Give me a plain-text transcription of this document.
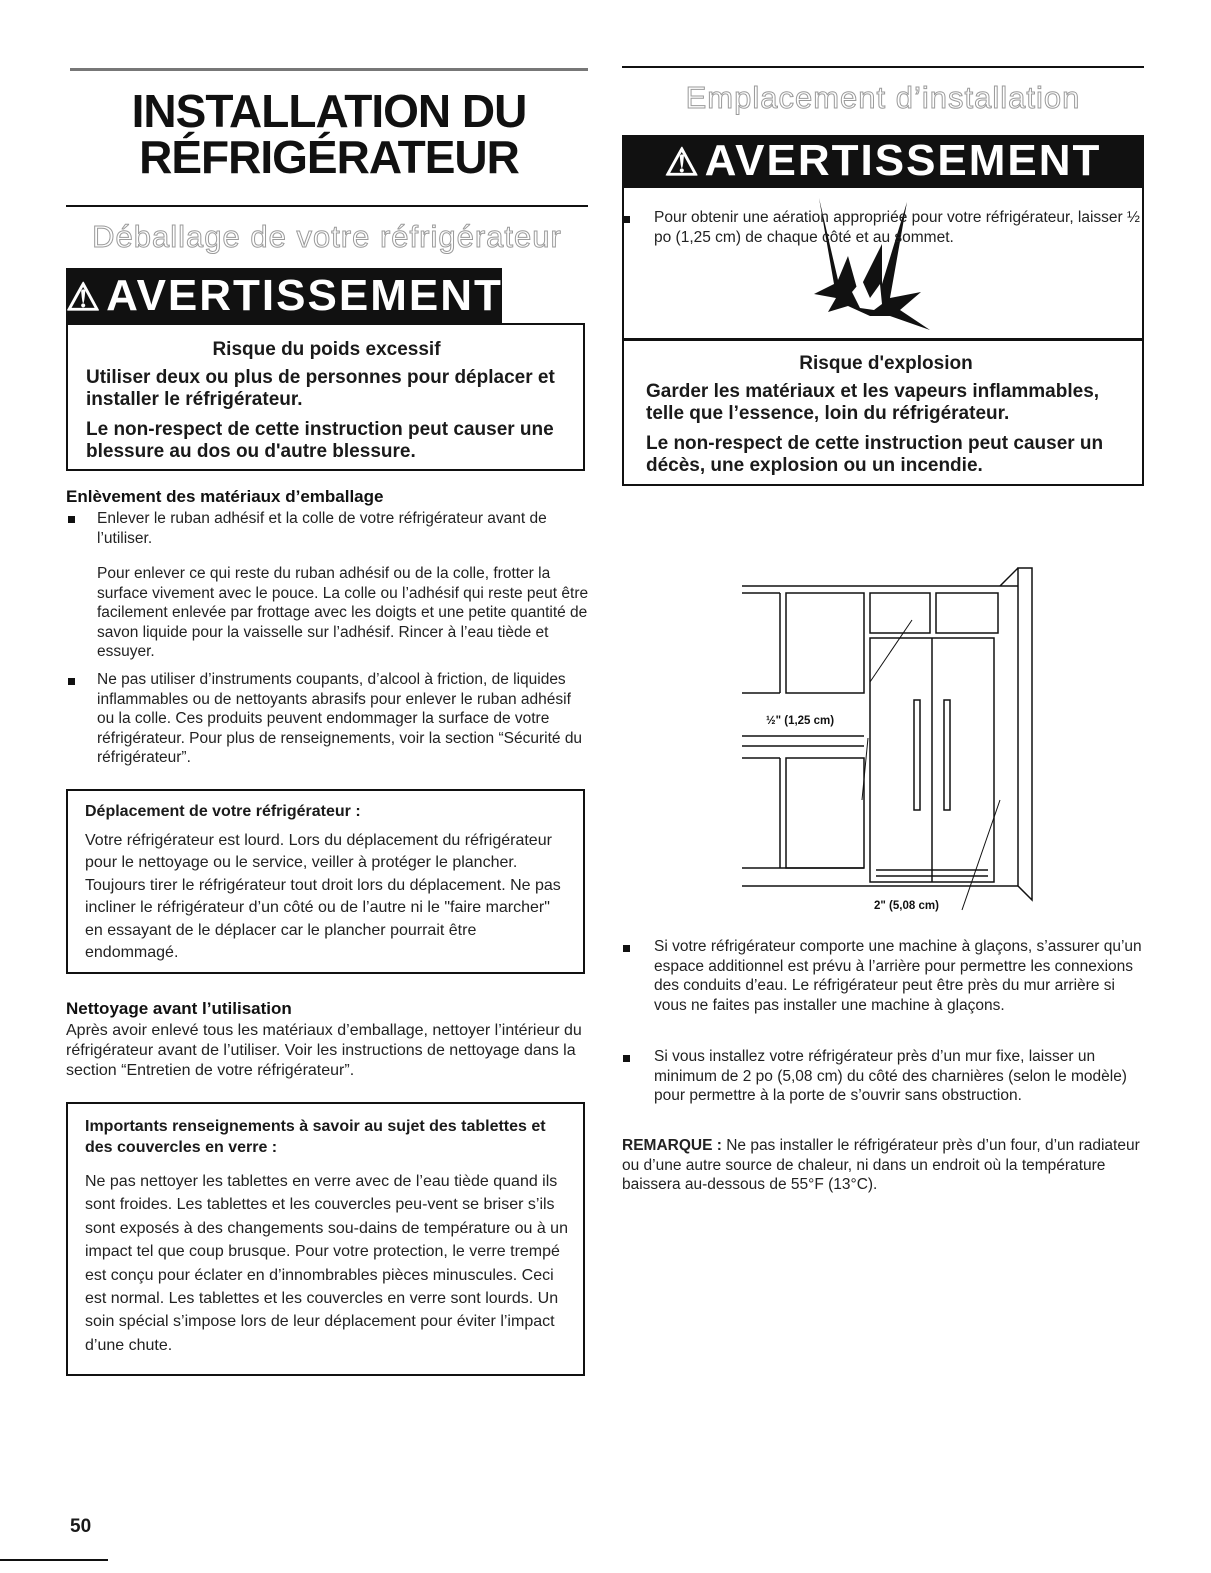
INSTALLATION DU
RÉFRIGÉRATEUR
Déballage de votre réfrigérateur
⚠AVERTISSEMENT
Risque du poids excessif
Utiliser deux ou plus de personnes pour déplacer et installer le réfrigérateur.
Le non-respect de cette instruction peut causer une blessure au dos ou d'autre blessure.
Enlèvement des matériaux d’emballage
Enlever le ruban adhésif et la colle de votre réfrigérateur avant de l’utiliser.
Pour enlever ce qui reste du ruban adhésif ou de la colle, frotter la surface vivement avec le pouce. La colle ou l’adhésif qui reste peut être facilement enlevée par frottage avec les doigts et une petite quantité de savon liquide pour la vaisselle sur l’adhésif. Rincer à l’eau tiède et essuyer.
Ne pas utiliser d’instruments coupants, d’alcool à friction, de liquides inflammables ou de nettoyants abrasifs pour enlever le ruban adhésif ou la colle. Ces produits peuvent endommager la surface de votre réfrigérateur. Pour plus de renseignements, voir la section “Sécurité du réfrigérateur”.
Déplacement de votre réfrigérateur :
Votre réfrigérateur est lourd. Lors du déplacement du réfrigérateur pour le nettoyage ou le service, veiller à protéger le plancher. Toujours tirer le réfrigérateur tout droit lors du déplacement. Ne pas incliner le réfrigérateur d’un côté ou de l’autre ni le "faire marcher" en essayant de le déplacer car le plancher pourrait être endommagé.
Nettoyage avant l’utilisation
Après avoir enlevé tous les matériaux d’emballage, nettoyer l’intérieur du réfrigérateur avant de l’utiliser. Voir les instructions de nettoyage dans la section “Entretien de votre réfrigérateur”.
Importants renseignements à savoir au sujet des tablettes et des couvercles en verre :
Ne pas nettoyer les tablettes en verre avec de l’eau tiède quand ils sont froides. Les tablettes et les couvercles peu-vent se briser s’ils sont exposés à des changements sou-dains de température ou à un impact tel que coup brusque. Pour votre protection, le verre trempé est conçu pour éclater en d’innombrables pièces minuscules. Ceci est normal. Les tablettes et les couvercles en verre sont lourds. Un soin spécial s’impose lors de leur déplacement pour éviter l’impact d’une chute.
50
Emplacement d’installation
⚠AVERTISSEMENT
Risque d'explosion
Garder les matériaux et les vapeurs inflammables, telle que l’essence, loin du réfrigérateur.
Le non-respect de cette instruction peut causer un décès, une explosion ou un incendie.
Pour obtenir une aération appropriée pour votre réfrigérateur, laisser ½ po (1,25 cm) de chaque côté et au sommet.
½" (1,25 cm)
2" (5,08 cm)
Si votre réfrigérateur comporte une machine à glaçons, s’assurer qu’un espace additionnel est prévu à l’arrière pour permettre les connexions des conduits d’eau. Le réfrigérateur peut être près du mur arrière si vous ne faites pas installer une machine à glaçons.
Si vous installez votre réfrigérateur près d’un mur fixe, laisser un minimum de 2 po (5,08 cm) du côté des charnières (selon le modèle) pour permettre à la porte de s’ouvrir sans obstruction.
REMARQUE : Ne pas installer le réfrigérateur près d’un four, d’un radiateur ou d’une autre source de chaleur, ni dans un endroit où la température baissera au-dessous de 55°F (13°C).
